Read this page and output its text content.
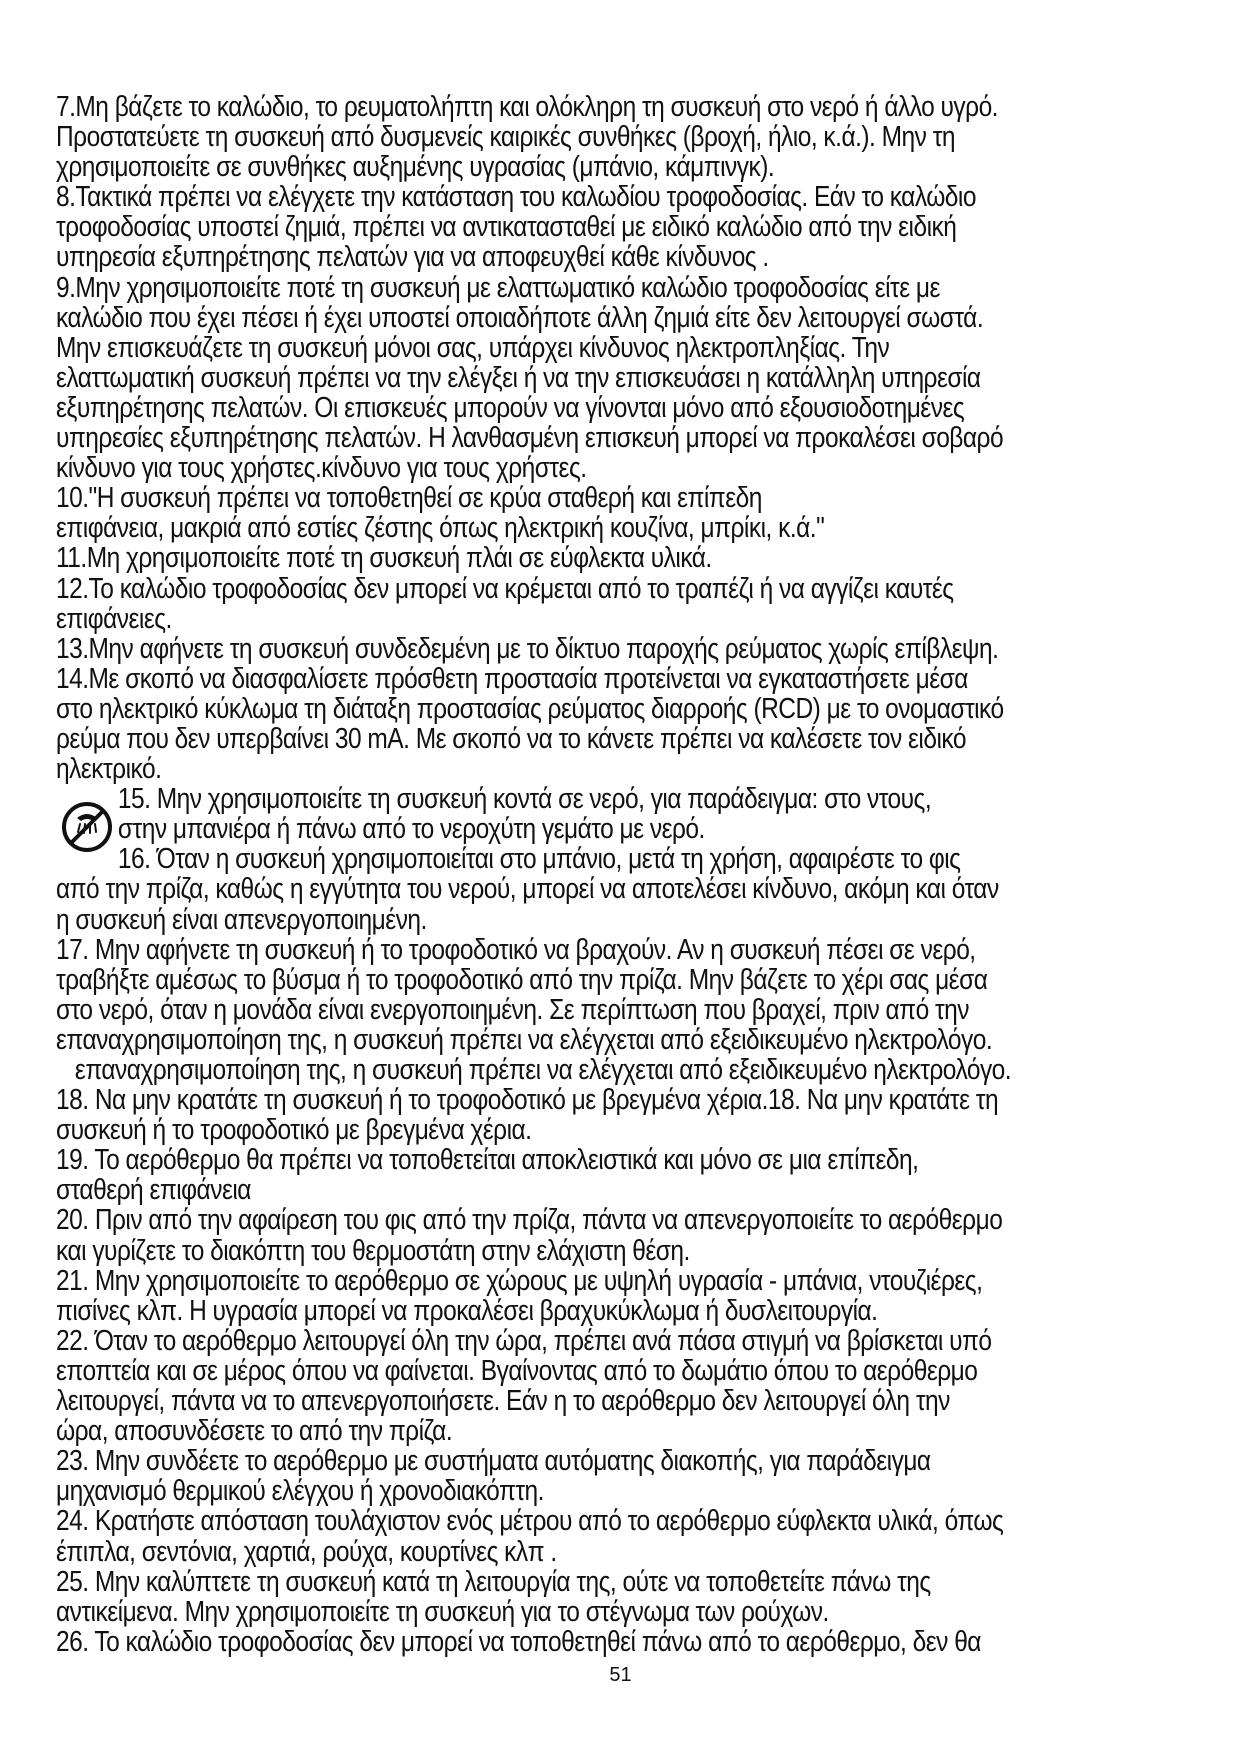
7.Μη βάζετε το καλώδιο, το ρευματολήπτη και ολόκληρη τη συσκευή στο νερό ή άλλο υγρό.
Προστατεύετε τη συσκευή από δυσμενείς καιρικές συνθήκες (βροχή, ήλιο, κ.ά.). Μην τη
χρησιμοποιείτε σε συνθήκες αυξημένης υγρασίας (μπάνιο, κάμπινγκ).
8.Τακτικά πρέπει να ελέγχετε την κατάσταση του καλωδίου τροφοδοσίας. Εάν το καλώδιο
τροφοδοσίας υποστεί ζημιά, πρέπει να αντικατασταθεί με ειδικό καλώδιο από την ειδική
υπηρεσία εξυπηρέτησης πελατών για να αποφευχθεί κάθε κίνδυνος .
9.Μην χρησιμοποιείτε ποτέ τη συσκευή με ελαττωματικό καλώδιο τροφοδοσίας είτε με
καλώδιο που έχει πέσει ή έχει υποστεί οποιαδήποτε άλλη ζημιά είτε δεν λειτουργεί σωστά.
Μην επισκευάζετε τη συσκευή μόνοι σας, υπάρχει κίνδυνος ηλεκτροπληξίας. Την
ελαττωματική συσκευή πρέπει να την ελέγξει ή να την επισκευάσει η κατάλληλη υπηρεσία
εξυπηρέτησης πελατών. Οι επισκευές μπορούν να γίνονται μόνο από εξουσιοδοτημένες
υπηρεσίες εξυπηρέτησης πελατών. Η λανθασμένη επισκευή μπορεί να προκαλέσει σοβαρό
κίνδυνο για τους χρήστες.κίνδυνο για τους χρήστες.
10."Η συσκευή πρέπει να τοποθετηθεί σε κρύα σταθερή και επίπεδη
επιφάνεια, μακριά από εστίες ζέστης όπως ηλεκτρική κουζίνα, μπρίκι, κ.ά."
11.Μη χρησιμοποιείτε ποτέ τη συσκευή πλάι σε εύφλεκτα υλικά.
12.Το καλώδιο τροφοδοσίας δεν μπορεί να κρέμεται από το τραπέζι ή να αγγίζει καυτές
επιφάνειες.
13.Μην αφήνετε τη συσκευή συνδεδεμένη με το δίκτυο παροχής ρεύματος χωρίς επίβλεψη.
14.Με σκοπό να διασφαλίσετε πρόσθετη προστασία προτείνεται να εγκαταστήσετε μέσα
στο ηλεκτρικό κύκλωμα τη διάταξη προστασίας ρεύματος διαρροής (RCD) με το ονομαστικό
ρεύμα που δεν υπερβαίνει 30 mA. Με σκοπό να το κάνετε πρέπει να καλέσετε τον ειδικό
ηλεκτρικό.
15. Μην χρησιμοποιείτε τη συσκευή κοντά σε νερό, για παράδειγμα: στο ντους,
στην μπανιέρα ή πάνω από το νεροχύτη γεμάτο με νερό.
16. Όταν η συσκευή χρησιμοποιείται στο μπάνιο, μετά τη χρήση, αφαιρέστε το φις
από την πρίζα, καθώς η εγγύτητα του νερού, μπορεί να αποτελέσει κίνδυνο, ακόμη και όταν
η συσκευή είναι απενεργοποιημένη.
17. Μην αφήνετε τη συσκευή ή το τροφοδοτικό να βραχούν. Αν η συσκευή πέσει σε νερό,
τραβήξτε αμέσως το βύσμα ή το τροφοδοτικό από την πρίζα. Μην βάζετε το χέρι σας μέσα
στο νερό, όταν η μονάδα είναι ενεργοποιημένη. Σε περίπτωση που βραχεί, πριν από την
επαναχρησιμοποίηση της, η συσκευή πρέπει να ελέγχεται από εξειδικευμένο ηλεκτρολόγο.
επαναχρησιμοποίηση της, η συσκευή πρέπει να ελέγχεται από εξειδικευμένο ηλεκτρολόγο.
18. Να μην κρατάτε τη συσκευή ή το τροφοδοτικό με βρεγμένα χέρια.18. Να μην κρατάτε τη
συσκευή ή το τροφοδοτικό με βρεγμένα χέρια.
19. Το αερόθερμο θα πρέπει να τοποθετείται αποκλειστικά και μόνο σε μια επίπεδη,
σταθερή επιφάνεια
20. Πριν από την αφαίρεση του φις από την πρίζα, πάντα να απενεργοποιείτε το αερόθερμο
και γυρίζετε το διακόπτη του θερμοστάτη στην ελάχιστη θέση.
21. Μην χρησιμοποιείτε το αερόθερμο σε χώρους με υψηλή υγρασία - μπάνια, ντουζιέρες,
πισίνες κλπ. Η υγρασία μπορεί να προκαλέσει βραχυκύκλωμα ή δυσλειτουργία.
22. Όταν το αερόθερμο λειτουργεί όλη την ώρα, πρέπει ανά πάσα στιγμή να βρίσκεται υπό
εποπτεία και σε μέρος όπου να φαίνεται. Βγαίνοντας από το δωμάτιο όπου το αερόθερμο
λειτουργεί, πάντα να το απενεργοποιήσετε. Εάν η το αερόθερμο δεν λειτουργεί όλη την
ώρα, αποσυνδέσετε το από την πρίζα.
23. Μην συνδέετε το αερόθερμο με συστήματα αυτόματης διακοπής, για παράδειγμα
μηχανισμό θερμικού ελέγχου ή χρονοδιακόπτη.
24. Κρατήστε απόσταση τουλάχιστον ενός μέτρου από το αερόθερμο εύφλεκτα υλικά, όπως
έπιπλα, σεντόνια, χαρτιά, ρούχα, κουρτίνες κλπ .
25. Μην καλύπτετε τη συσκευή κατά τη λειτουργία της, ούτε να τοποθετείτε πάνω της
αντικείμενα. Μην χρησιμοποιείτε τη συσκευή για το στέγνωμα των ρούχων.
26. Το καλώδιο τροφοδοσίας δεν μπορεί να τοποθετηθεί πάνω από το αερόθερμο, δεν θα
51
